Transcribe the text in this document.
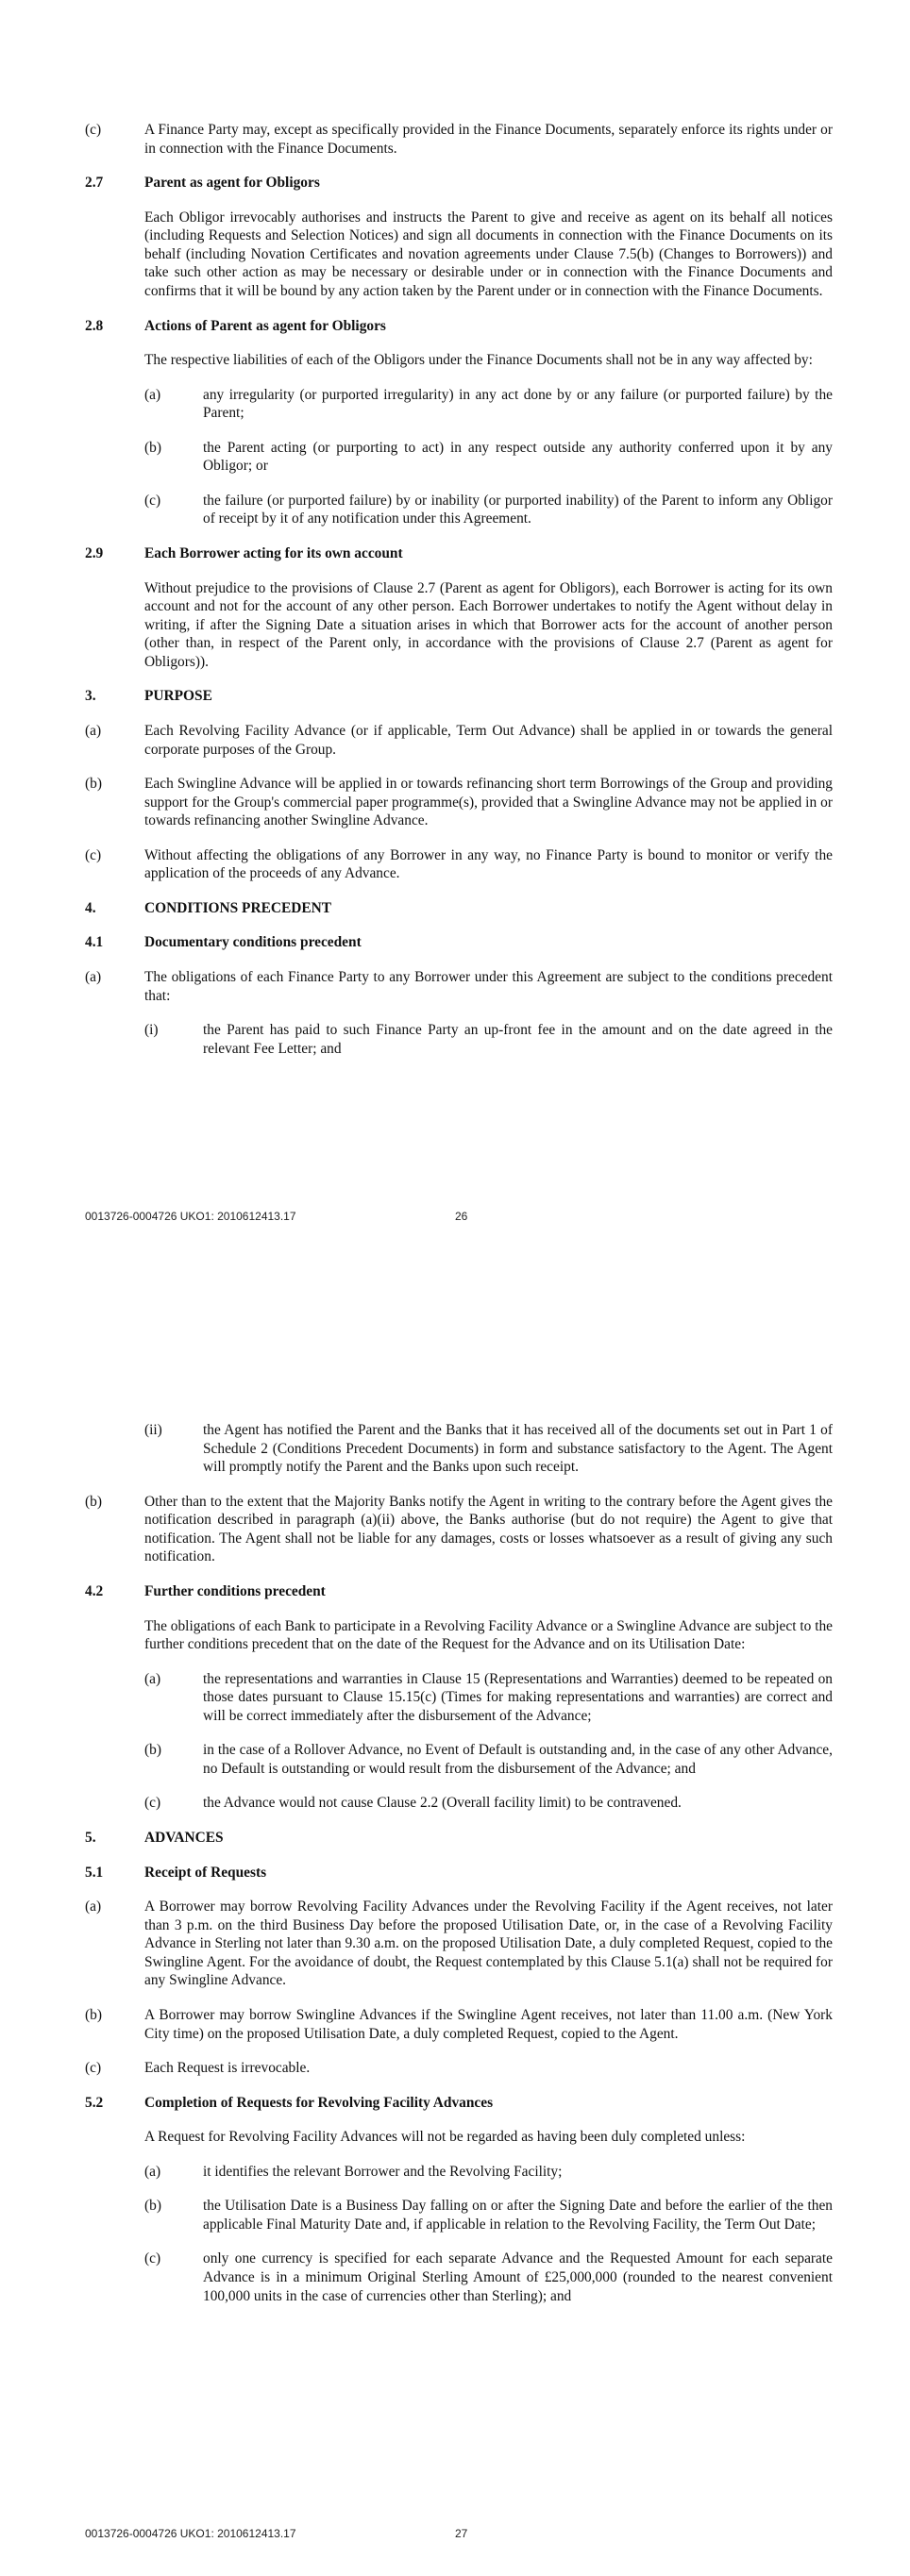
(c)	A Finance Party may, except as specifically provided in the Finance Documents, separately enforce its rights under or in connection with the Finance Documents.
2.7	Parent as agent for Obligors
Each Obligor irrevocably authorises and instructs the Parent to give and receive as agent on its behalf all notices (including Requests and Selection Notices) and sign all documents in connection with the Finance Documents on its behalf (including Novation Certificates and novation agreements under Clause 7.5(b) (Changes to Borrowers)) and take such other action as may be necessary or desirable under or in connection with the Finance Documents and confirms that it will be bound by any action taken by the Parent under or in connection with the Finance Documents.
2.8	Actions of Parent as agent for Obligors
The respective liabilities of each of the Obligors under the Finance Documents shall not be in any way affected by:
(a)	any irregularity (or purported irregularity) in any act done by or any failure (or purported failure) by the Parent;
(b)	the Parent acting (or purporting to act) in any respect outside any authority conferred upon it by any Obligor; or
(c)	the failure (or purported failure) by or inability (or purported inability) of the Parent to inform any Obligor of receipt by it of any notification under this Agreement.
2.9	Each Borrower acting for its own account
Without prejudice to the provisions of Clause 2.7 (Parent as agent for Obligors), each Borrower is acting for its own account and not for the account of any other person. Each Borrower undertakes to notify the Agent without delay in writing, if after the Signing Date a situation arises in which that Borrower acts for the account of another person (other than, in respect of the Parent only, in accordance with the provisions of Clause 2.7 (Parent as agent for Obligors)).
3.	PURPOSE
(a)	Each Revolving Facility Advance (or if applicable, Term Out Advance) shall be applied in or towards the general corporate purposes of the Group.
(b)	Each Swingline Advance will be applied in or towards refinancing short term Borrowings of the Group and providing support for the Group's commercial paper programme(s), provided that a Swingline Advance may not be applied in or towards refinancing another Swingline Advance.
(c)	Without affecting the obligations of any Borrower in any way, no Finance Party is bound to monitor or verify the application of the proceeds of any Advance.
4.	CONDITIONS PRECEDENT
4.1	Documentary conditions precedent
(a)	The obligations of each Finance Party to any Borrower under this Agreement are subject to the conditions precedent that:
(i)	the Parent has paid to such Finance Party an up-front fee in the amount and on the date agreed in the relevant Fee Letter; and
0013726-0004726 UKO1: 2010612413.17	26
(ii)	the Agent has notified the Parent and the Banks that it has received all of the documents set out in Part 1 of Schedule 2 (Conditions Precedent Documents) in form and substance satisfactory to the Agent. The Agent will promptly notify the Parent and the Banks upon such receipt.
(b)	Other than to the extent that the Majority Banks notify the Agent in writing to the contrary before the Agent gives the notification described in paragraph (a)(ii) above, the Banks authorise (but do not require) the Agent to give that notification. The Agent shall not be liable for any damages, costs or losses whatsoever as a result of giving any such notification.
4.2	Further conditions precedent
The obligations of each Bank to participate in a Revolving Facility Advance or a Swingline Advance are subject to the further conditions precedent that on the date of the Request for the Advance and on its Utilisation Date:
(a)	the representations and warranties in Clause 15 (Representations and Warranties) deemed to be repeated on those dates pursuant to Clause 15.15(c) (Times for making representations and warranties) are correct and will be correct immediately after the disbursement of the Advance;
(b)	in the case of a Rollover Advance, no Event of Default is outstanding and, in the case of any other Advance, no Default is outstanding or would result from the disbursement of the Advance; and
(c)	the Advance would not cause Clause 2.2 (Overall facility limit) to be contravened.
5.	ADVANCES
5.1	Receipt of Requests
(a)	A Borrower may borrow Revolving Facility Advances under the Revolving Facility if the Agent receives, not later than 3 p.m. on the third Business Day before the proposed Utilisation Date, or, in the case of a Revolving Facility Advance in Sterling not later than 9.30 a.m. on the proposed Utilisation Date, a duly completed Request, copied to the Swingline Agent. For the avoidance of doubt, the Request contemplated by this Clause 5.1(a) shall not be required for any Swingline Advance.
(b)	A Borrower may borrow Swingline Advances if the Swingline Agent receives, not later than 11.00 a.m. (New York City time) on the proposed Utilisation Date, a duly completed Request, copied to the Agent.
(c)	Each Request is irrevocable.
5.2	Completion of Requests for Revolving Facility Advances
A Request for Revolving Facility Advances will not be regarded as having been duly completed unless:
(a)	it identifies the relevant Borrower and the Revolving Facility;
(b)	the Utilisation Date is a Business Day falling on or after the Signing Date and before the earlier of the then applicable Final Maturity Date and, if applicable in relation to the Revolving Facility, the Term Out Date;
(c)	only one currency is specified for each separate Advance and the Requested Amount for each separate Advance is in a minimum Original Sterling Amount of £25,000,000 (rounded to the nearest convenient 100,000 units in the case of currencies other than Sterling); and
0013726-0004726 UKO1: 2010612413.17	27
